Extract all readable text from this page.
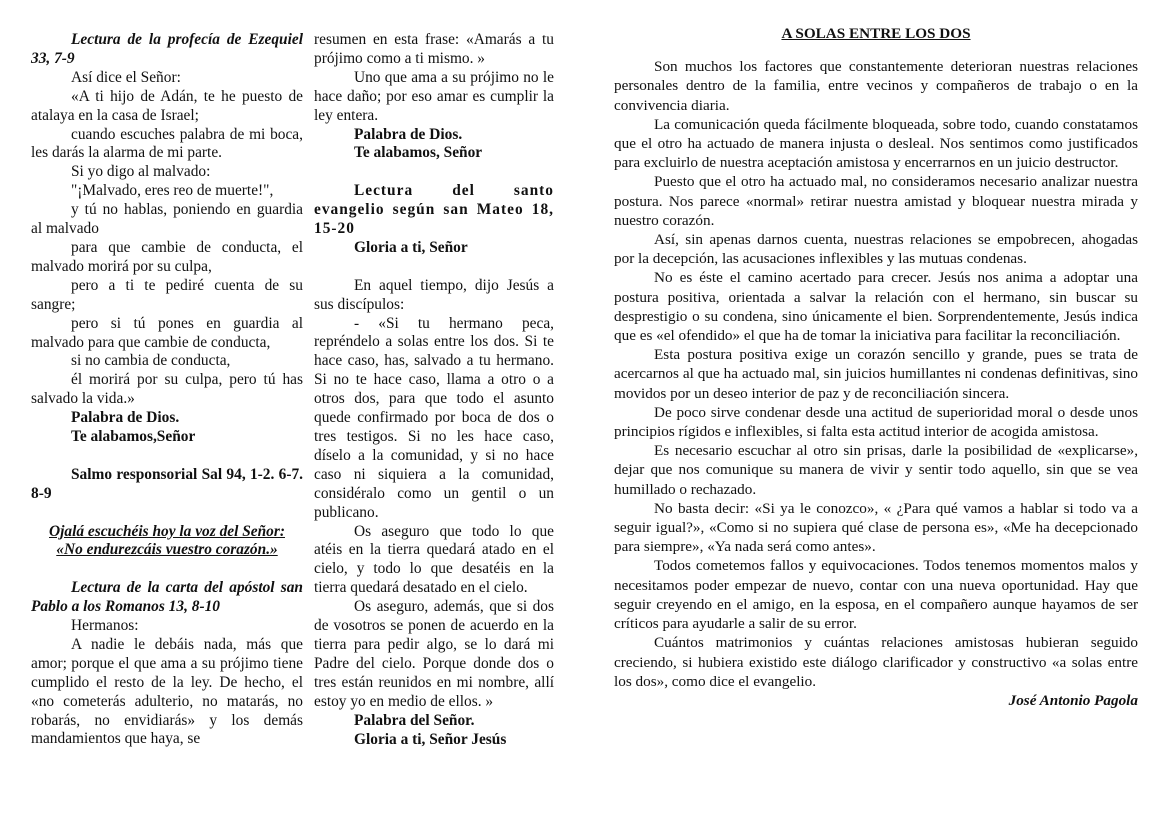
Lectura de la profecía de Ezequiel 33, 7-9

Así dice el Señor:

«A ti hijo de Adán, te he puesto de atalaya en la casa de Israel;

cuando escuches palabra de mi boca, les darás la alarma de mi parte.

Si yo digo al malvado:

"¡Malvado, eres reo de muerte!",

y tú no hablas, poniendo en guardia al malvado

para que cambie de conducta, el malvado morirá por su culpa,

pero a ti te pediré cuenta de su sangre;

pero si tú pones en guardia al malvado para que cambie de conducta,

si no cambia de conducta,

él morirá por su culpa, pero tú has salvado la vida.»

Palabra de Dios.

Te alabamos,Señor

Salmo responsorial Sal 94, 1-2. 6-7. 8-9

Ojalá escuchéis hoy la voz del Señor:

«No endurezcáis vuestro corazón.»

Lectura de la carta del apóstol san Pablo a los Romanos 13, 8-10

Hermanos:

A nadie le debáis nada, más que amor; porque el que ama a su prójimo tiene cumplido el resto de la ley. De hecho, el «no cometerás adulterio, no matarás, no robarás, no envidiarás» y los demás mandamientos que haya, se

resumen en esta frase: «Amarás a tu prójimo como a ti mismo. »

Uno que ama a su prójimo no le hace daño; por eso amar es cumplir la ley entera.

Palabra de Dios.

Te alabamos, Señor

Lectura del santo evangelio según san Mateo 18, 15-20

Gloria a ti, Señor

En aquel tiempo, dijo Jesús a sus discípulos:

- «Si tu hermano peca, repréndelo a solas entre los dos. Si te hace caso, has, salvado a tu hermano. Si no te hace caso, llama a otro o a otros dos, para que todo el asunto quede confirmado por boca de dos o tres testigos. Si no les hace caso, díselo a la comunidad, y si no hace caso ni siquiera a la comunidad, considéralo como un gentil o un publicano.

Os aseguro que todo lo que atéis en la tierra quedará atado en el cielo, y todo lo que desatéis en la tierra quedará desatado en el cielo.

Os aseguro, además, que si dos de vosotros se ponen de acuerdo en la tierra para pedir algo, se lo dará mi Padre del cielo. Porque donde dos o tres están reunidos en mi nombre, allí estoy yo en medio de ellos. »

Palabra del Señor.

Gloria a ti, Señor Jesús

A SOLAS ENTRE LOS DOS

Son muchos los factores que constantemente deterioran nuestras relaciones personales dentro de la familia, entre vecinos y compañeros de trabajo o en la convivencia diaria.

La comunicación queda fácilmente bloqueada, sobre todo, cuando constatamos que el otro ha actuado de manera injusta o desleal. Nos sentimos como justificados para excluirlo de nuestra aceptación amistosa y encerrarnos en un juicio destructor.

Puesto que el otro ha actuado mal, no consideramos necesario analizar nuestra postura. Nos parece «normal» retirar nuestra amistad y bloquear nuestra mirada y nuestro corazón.

Así, sin apenas darnos cuenta, nuestras relaciones se empobrecen, ahogadas por la decepción, las acusaciones inflexibles y las mutuas condenas.

No es éste el camino acertado para crecer. Jesús nos anima a adoptar una postura positiva, orientada a salvar la relación con el hermano, sin buscar su desprestigio o su condena, sino únicamente el bien. Sorprendentemente, Jesús indica que es «el ofendido» el que ha de tomar la iniciativa para facilitar la reconciliación.

Esta postura positiva exige un corazón sencillo y grande, pues se trata de acercarnos al que ha actuado mal, sin juicios humillantes ni condenas definitivas, sino movidos por un deseo interior de paz y de reconciliación sincera.

De poco sirve condenar desde una actitud de superioridad moral o desde unos principios rígidos e inflexibles, si falta esta actitud interior de acogida amistosa.

Es necesario escuchar al otro sin prisas, darle la posibilidad de «explicarse», dejar que nos comunique su manera de vivir y sentir todo aquello, sin que se vea humillado o rechazado.

No basta decir: «Si ya le conozco», « ¿Para qué vamos a hablar si todo va a seguir igual?», «Como si no supiera qué clase de persona es», «Me ha decepcionado para siempre», «Ya nada será como antes».

Todos cometemos fallos y equivocaciones. Todos tenemos momentos malos y necesitamos poder empezar de nuevo, contar con una nueva oportunidad. Hay que seguir creyendo en el amigo, en la esposa, en el compañero aunque hayamos de ser críticos para ayudarle a salir de su error.

Cuántos matrimonios y cuántas relaciones amistosas hubieran seguido creciendo, si hubiera existido este diálogo clarificador y constructivo «a solas entre los dos», como dice el evangelio.

José Antonio Pagola
